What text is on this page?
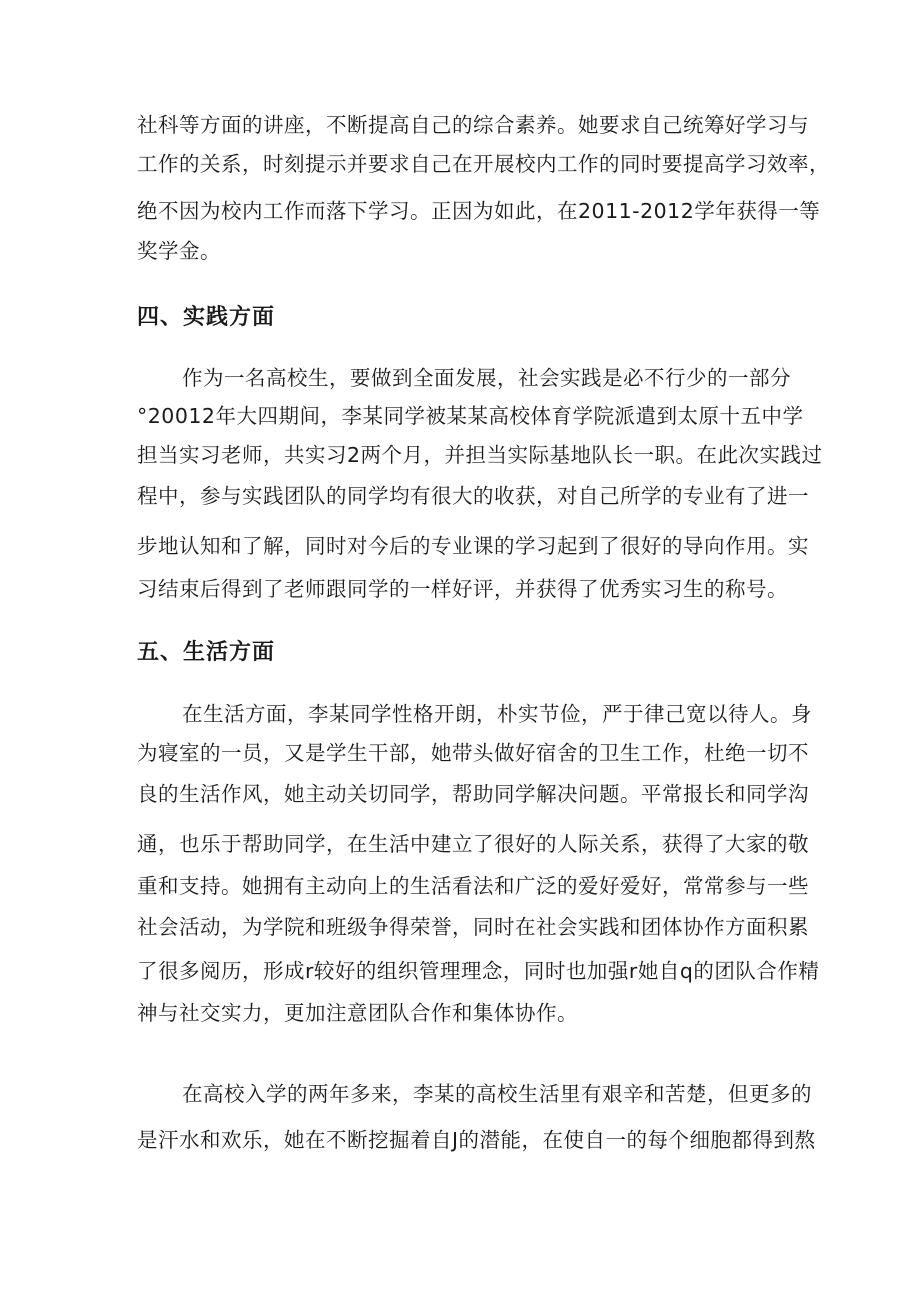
社科等方面的讲座，不断提高自己的综合素养。她要求自己统筹好学习与
工作的关系，时刻提示并要求自己在开展校内工作的同时要提高学习效率，
绝不因为校内工作而落下学习。正因为如此，在2011-2012学年获得一等
奖学金。
四、实践方面
作为一名高校生，要做到全面发展，社会实践是必不行少的一部分
°20012年大四期间，李某同学被某某高校体育学院派遣到太原十五中学
担当实习老师，共实习2两个月，并担当实际基地队长一职。在此次实践过
程中，参与实践团队的同学均有很大的收获，对自己所学的专业有了进一
步地认知和了解，同时对今后的专业课的学习起到了很好的导向作用。实
习结束后得到了老师跟同学的一样好评，并获得了优秀实习生的称号。
五、生活方面
在生活方面，李某同学性格开朗，朴实节俭，严于律己宽以待人。身
为寝室的一员，又是学生干部，她带头做好宿舍的卫生工作，杜绝一切不
良的生活作风，她主动关切同学，帮助同学解决问题。平常报长和同学沟
通，也乐于帮助同学，在生活中建立了很好的人际关系，获得了大家的敬
重和支持。她拥有主动向上的生活看法和广泛的爱好爱好，常常参与一些
社会活动，为学院和班级争得荣誉，同时在社会实践和团体协作方面积累
了很多阅历，形成r较好的组织管理理念，同时也加强r她自q的团队合作精
神与社交实力，更加注意团队合作和集体协作。
在高校入学的两年多来，李某的高校生活里有艰辛和苦楚，但更多的
是汗水和欢乐，她在不断挖掘着自J的潜能，在使自一的每个细胞都得到熬
